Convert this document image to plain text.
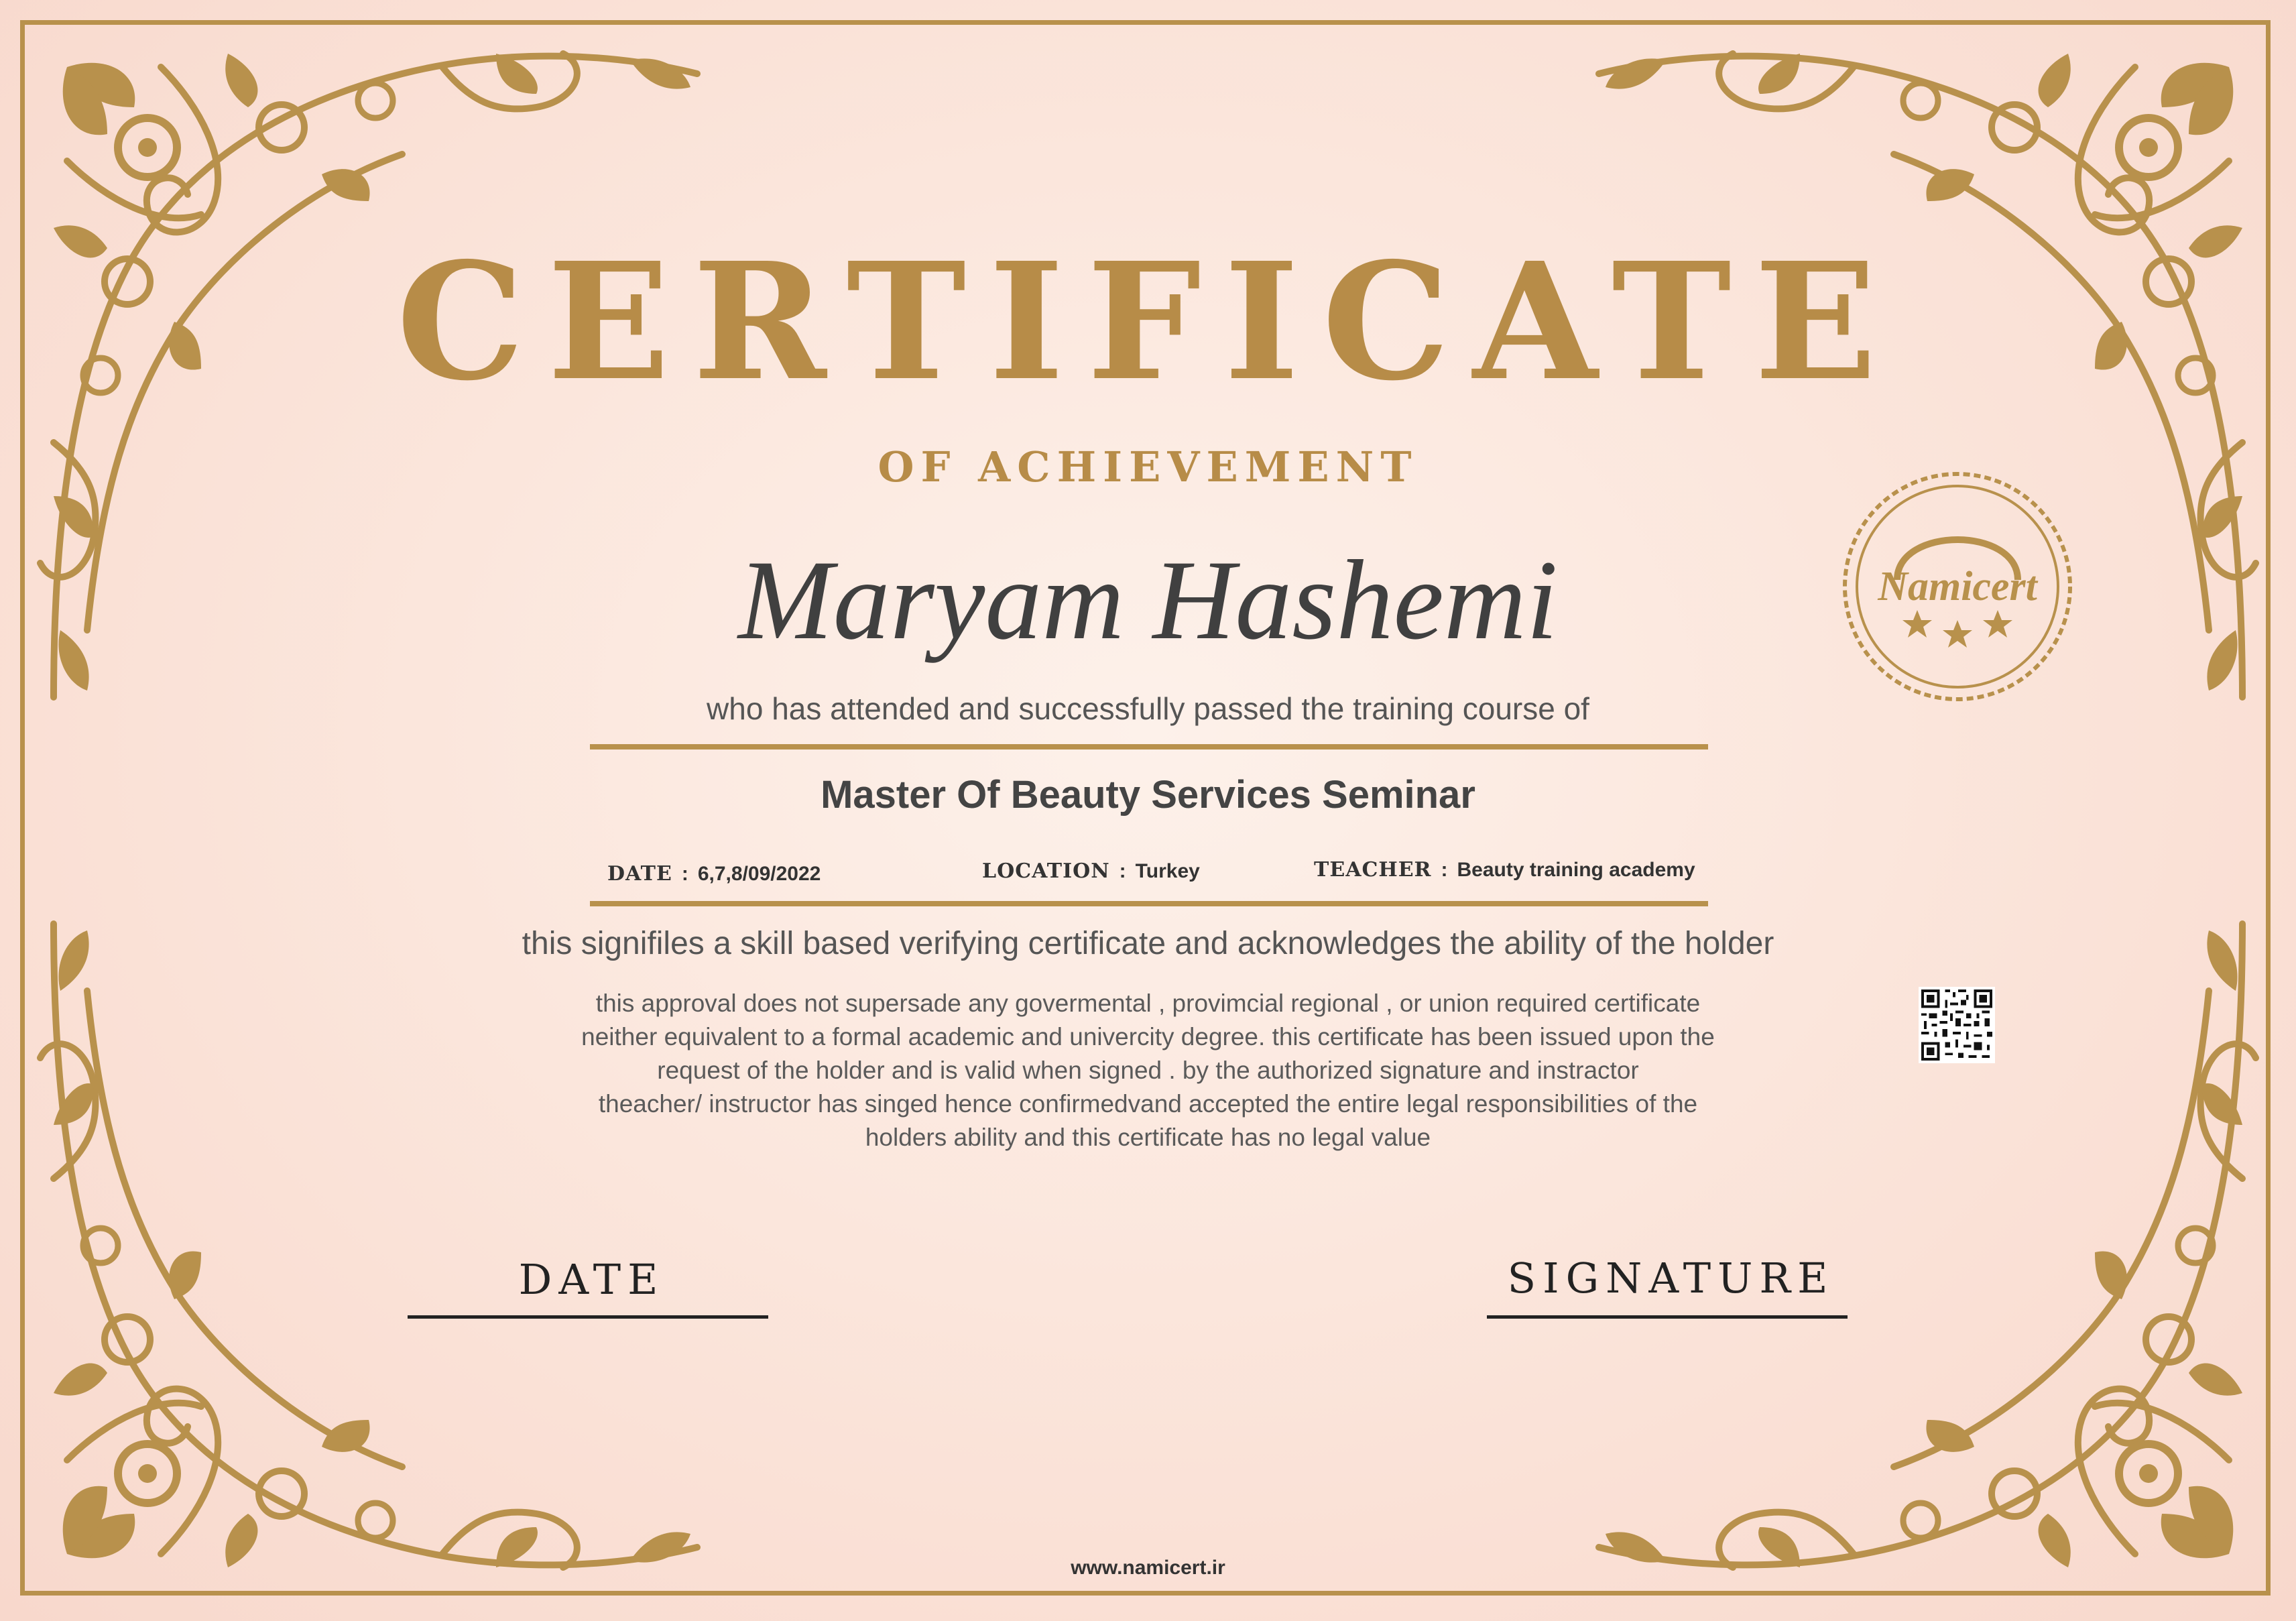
CERTIFICATE
OF ACHIEVEMENT
Maryam Hashemi
who has attended and successfully passed the training course of
Master Of Beauty Services Seminar
DATE : 6,7,8/09/2022	LOCATION : Turkey	TEACHER : Beauty training academy
this signifiles a skill based verifying certificate and acknowledges the ability of the holder
this approval does not supersade any govermental , provimcial regional , or union required certificate
neither equivalent to a formal academic and univercity degree. this certificate has been issued upon the
request of the holder and is valid when signed . by the authorized signature and instractor
theacher/ instructor has singed hence confirmedvand accepted the entire legal responsibilities of the
holders ability and this certificate has no legal value
Namicert
DATE	SIGNATURE
www.namicert.ir
